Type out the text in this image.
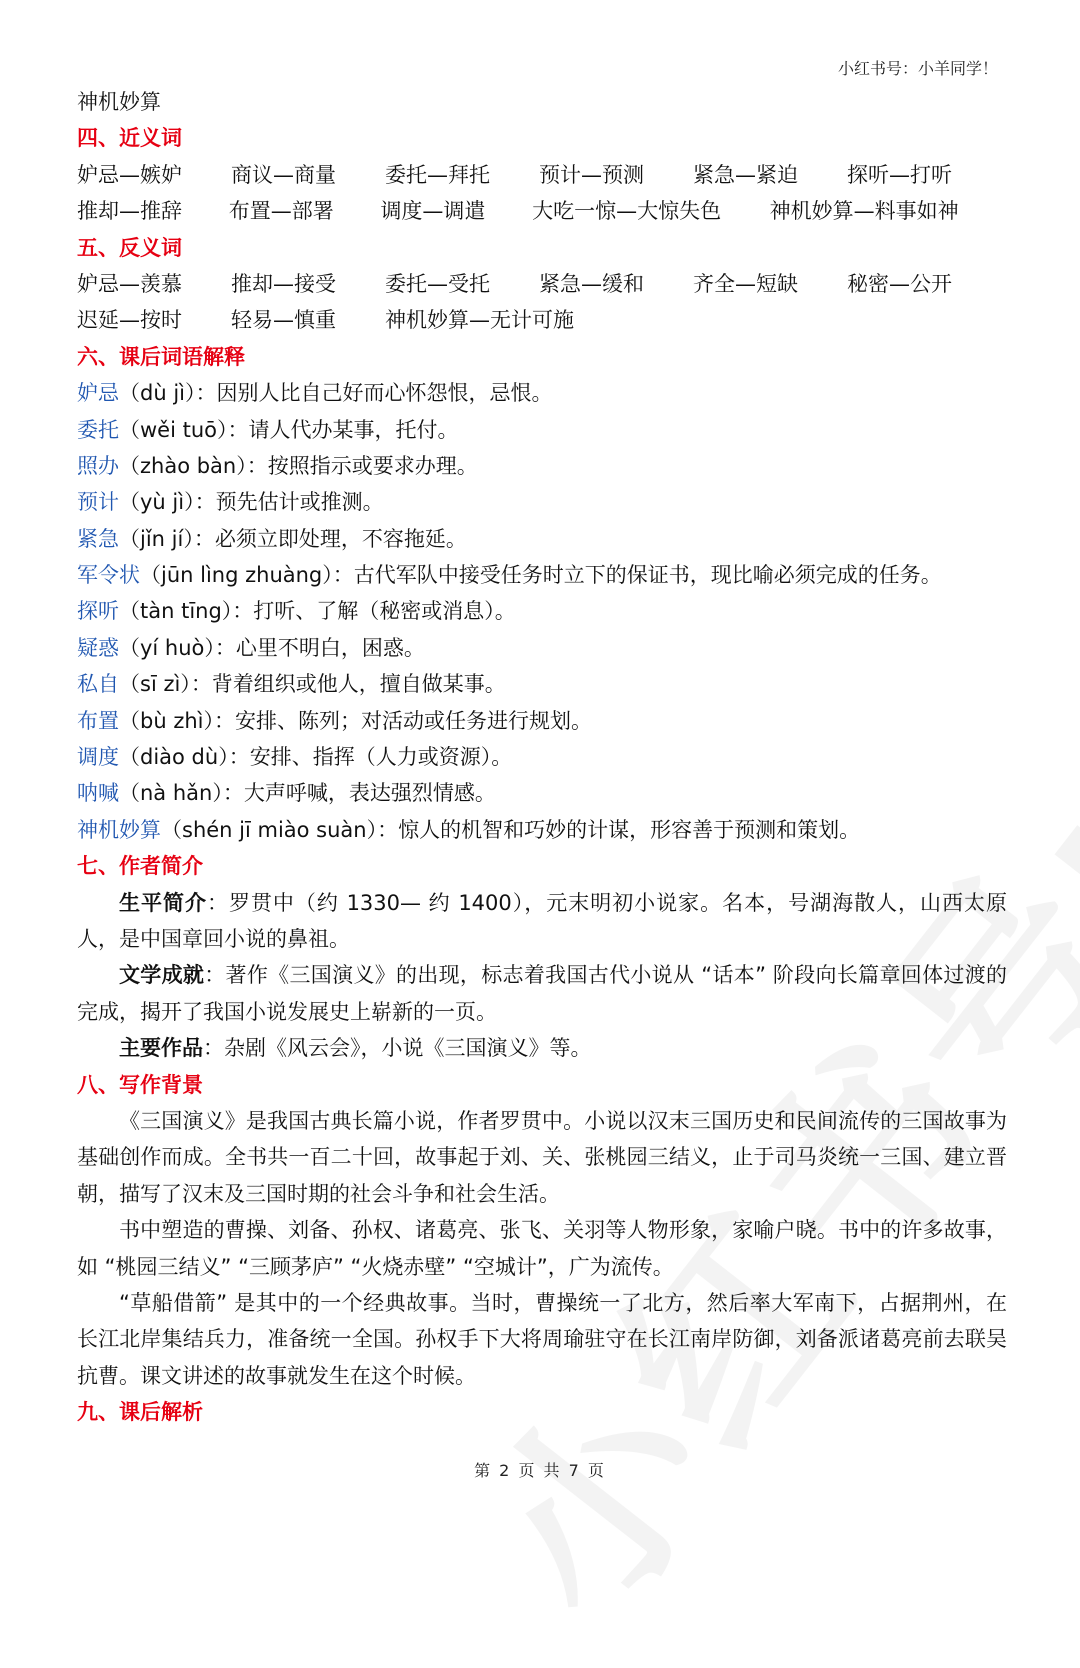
小红书号：小羊同学！
神机妙算
四、近义词
妒忌—嫉妒	商议—商量	委托—拜托	预计—预测	紧急—紧迫	探听—打听
推却—推辞	布置—部署	调度—调遣	大吃一惊—大惊失色	神机妙算—料事如神
五、反义词
妒忌—羡慕	推却—接受	委托—受托	紧急—缓和	齐全—短缺	秘密—公开
迟延—按时	轻易—慎重	神机妙算—无计可施
六、课后词语解释
妒忌（dù jì）：因别人比自己好而心怀怨恨，忌恨。
委托（wěi tuō）：请人代办某事，托付。
照办（zhào bàn）：按照指示或要求办理。
预计（yù jì）：预先估计或推测。
紧急（jǐn jí）：必须立即处理，不容拖延。
军令状（jūn lìng zhuàng）：古代军队中接受任务时立下的保证书，现比喻必须完成的任务。
探听（tàn tīng）：打听、了解（秘密或消息）。
疑惑（yí huò）：心里不明白，困惑。
私自（sī zì）：背着组织或他人，擅自做某事。
布置（bù zhì）：安排、陈列；对活动或任务进行规划。
调度（diào dù）：安排、指挥（人力或资源）。
呐喊（nà hǎn）：大声呼喊，表达强烈情感。
神机妙算（shén jī miào suàn）：惊人的机智和巧妙的计谋，形容善于预测和策划。
七、作者简介
生平简介：罗贯中（约 1330— 约 1400），元末明初小说家。名本，号湖海散人，山西太原人，是中国章回小说的鼻祖。
文学成就：著作《三国演义》的出现，标志着我国古代小说从 “话本” 阶段向长篇章回体过渡的完成，揭开了我国小说发展史上崭新的一页。
主要作品：杂剧《风云会》，小说《三国演义》等。
八、写作背景
《三国演义》是我国古典长篇小说，作者罗贯中。小说以汉末三国历史和民间流传的三国故事为基础创作而成。全书共一百二十回，故事起于刘、关、张桃园三结义，止于司马炎统一三国、建立晋朝，描写了汉末及三国时期的社会斗争和社会生活。
书中塑造的曹操、刘备、孙权、诸葛亮、张飞、关羽等人物形象，家喻户晓。书中的许多故事，如 “桃园三结义” “三顾茅庐” “火烧赤壁” “空城计”，广为流传。
“草船借箭” 是其中的一个经典故事。当时，曹操统一了北方，然后率大军南下，占据荆州，在长江北岸集结兵力，准备统一全国。孙权手下大将周瑜驻守在长江南岸防御，刘备派诸葛亮前去联吴抗曹。课文讲述的故事就发生在这个时候。
九、课后解析
第 2 页 共 7 页
